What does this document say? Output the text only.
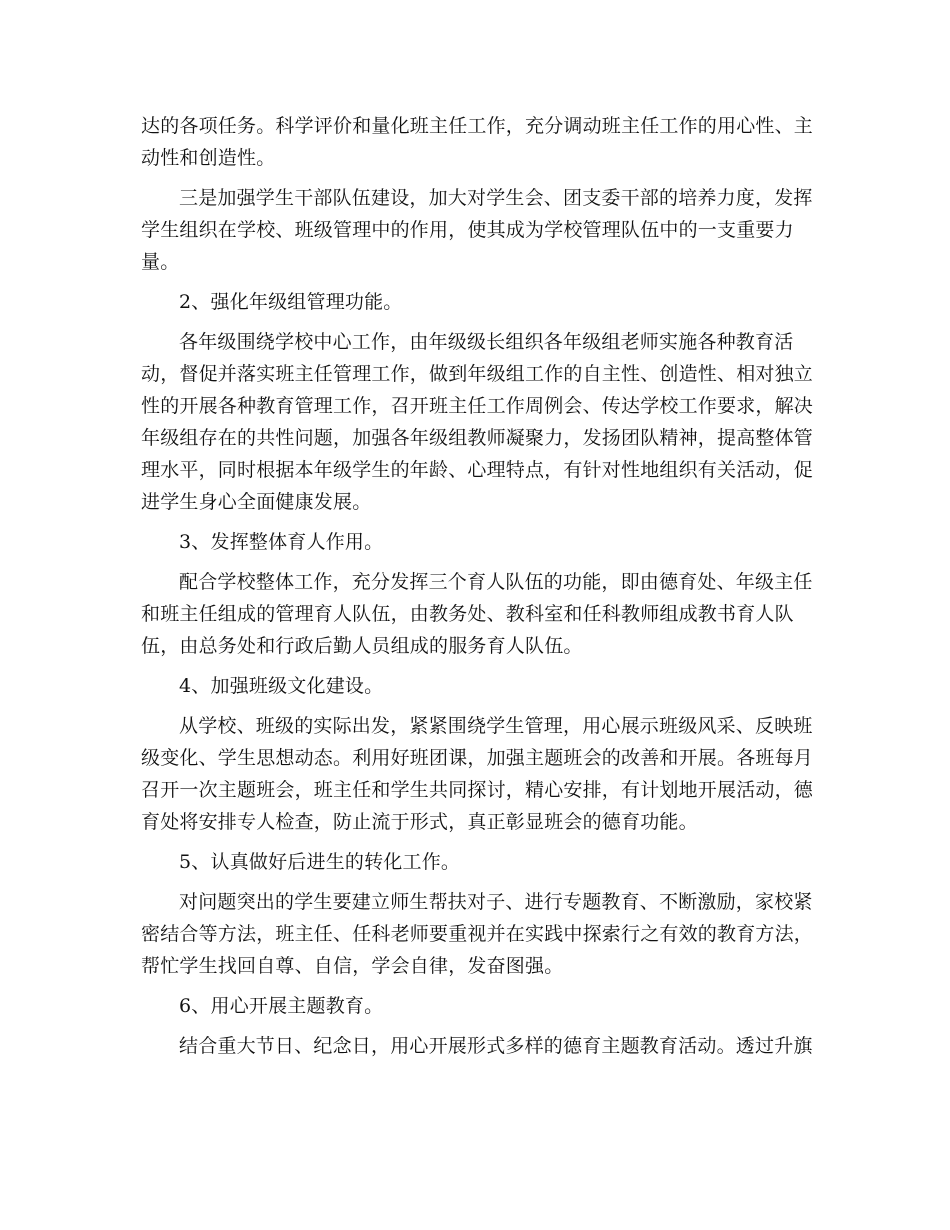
达的各项任务。科学评价和量化班主任工作，充分调动班主任工作的用心性、主
动性和创造性。

三是加强学生干部队伍建设，加大对学生会、团支委干部的培养力度，发挥
学生组织在学校、班级管理中的作用，使其成为学校管理队伍中的一支重要力
量。

2、强化年级组管理功能。

各年级围绕学校中心工作，由年级级长组织各年级组老师实施各种教育活
动，督促并落实班主任管理工作，做到年级组工作的自主性、创造性、相对独立
性的开展各种教育管理工作，召开班主任工作周例会、传达学校工作要求，解决
年级组存在的共性问题，加强各年级组教师凝聚力，发扬团队精神，提高整体管
理水平，同时根据本年级学生的年龄、心理特点，有针对性地组织有关活动，促
进学生身心全面健康发展。

3、发挥整体育人作用。

配合学校整体工作，充分发挥三个育人队伍的功能，即由德育处、年级主任
和班主任组成的管理育人队伍，由教务处、教科室和任科教师组成教书育人队
伍，由总务处和行政后勤人员组成的服务育人队伍。

4、加强班级文化建设。

从学校、班级的实际出发，紧紧围绕学生管理，用心展示班级风采、反映班
级变化、学生思想动态。利用好班团课，加强主题班会的改善和开展。各班每月
召开一次主题班会，班主任和学生共同探讨，精心安排，有计划地开展活动，德
育处将安排专人检查，防止流于形式，真正彰显班会的德育功能。

5、认真做好后进生的转化工作。

对问题突出的学生要建立师生帮扶对子、进行专题教育、不断激励，家校紧
密结合等方法，班主任、任科老师要重视并在实践中探索行之有效的教育方法，
帮忙学生找回自尊、自信，学会自律，发奋图强。

6、用心开展主题教育。

结合重大节日、纪念日，用心开展形式多样的德育主题教育活动。透过升旗
